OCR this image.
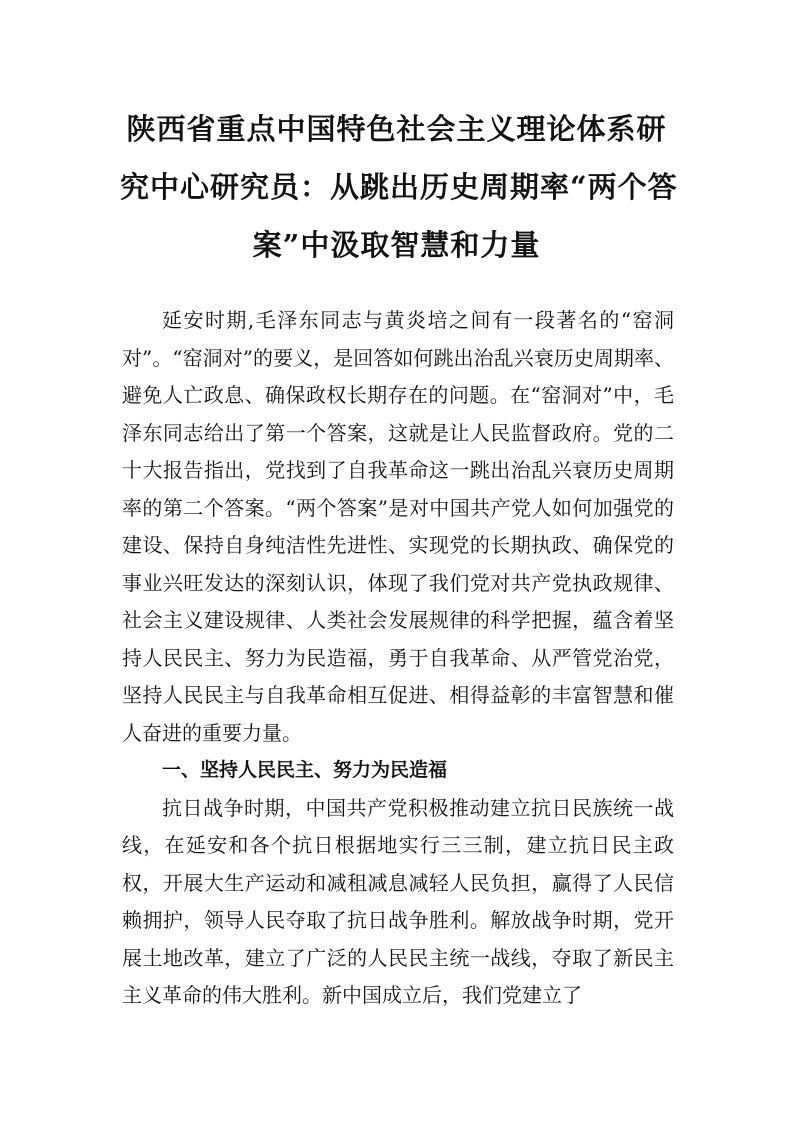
陕西省重点中国特色社会主义理论体系研
究中心研究员：从跳出历史周期率“两个答
案”中汲取智慧和力量

延安时期,毛泽东同志与黄炎培之间有一段著名的“窑洞对”。“窑洞对”的要义，是回答如何跳出治乱兴衰历史周期率、避免人亡政息、确保政权长期存在的问题。在“窑洞对”中，毛泽东同志给出了第一个答案，这就是让人民监督政府。党的二十大报告指出，党找到了自我革命这一跳出治乱兴衰历史周期率的第二个答案。“两个答案”是对中国共产党人如何加强党的建设、保持自身纯洁性先进性、实现党的长期执政、确保党的事业兴旺发达的深刻认识，体现了我们党对共产党执政规律、社会主义建设规律、人类社会发展规律的科学把握，蕴含着坚持人民民主、努力为民造福，勇于自我革命、从严管党治党，坚持人民民主与自我革命相互促进、相得益彰的丰富智慧和催人奋进的重要力量。

一、坚持人民民主、努力为民造福

抗日战争时期，中国共产党积极推动建立抗日民族统一战线，在延安和各个抗日根据地实行三三制，建立抗日民主政权，开展大生产运动和减租减息减轻人民负担，赢得了人民信赖拥护，领导人民夺取了抗日战争胜利。解放战争时期，党开展土地改革，建立了广泛的人民民主统一战线，夺取了新民主主义革命的伟大胜利。新中国成立后，我们党建立了
